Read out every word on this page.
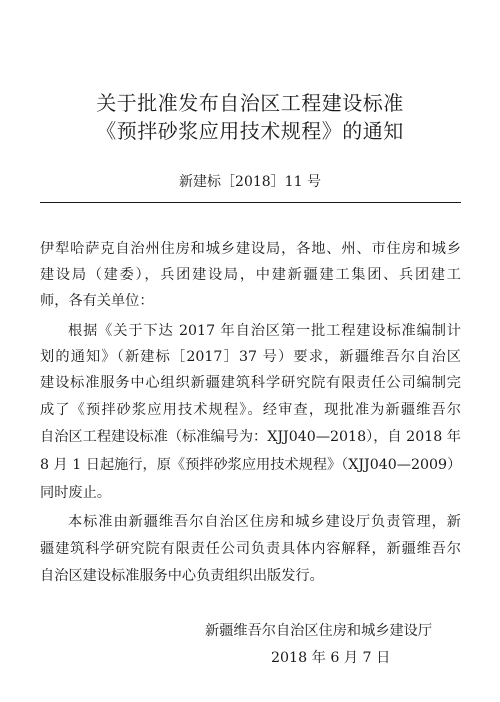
关于批准发布自治区工程建设标准
《预拌砂浆应用技术规程》的通知
新建标［2018］11 号
伊犁哈萨克自治州住房和城乡建设局，各地、州、市住房和城乡
建设局（建委），兵团建设局，中建新疆建工集团、兵团建工
师，各有关单位：
根据《关于下达 2017 年自治区第一批工程建设标准编制计
划的通知》（新建标［2017］37 号）要求，新疆维吾尔自治区
建设标准服务中心组织新疆建筑科学研究院有限责任公司编制完
成了《预拌砂浆应用技术规程》。经审查，现批准为新疆维吾尔
自治区工程建设标准（标准编号为：XJJ040—2018），自 2018 年
8 月 1 日起施行，原《预拌砂浆应用技术规程》（XJJ040—2009）
同时废止。
本标准由新疆维吾尔自治区住房和城乡建设厅负责管理，新
疆建筑科学研究院有限责任公司负责具体内容解释，新疆维吾尔
自治区建设标准服务中心负责组织出版发行。
新疆维吾尔自治区住房和城乡建设厅
2018 年 6 月 7 日
